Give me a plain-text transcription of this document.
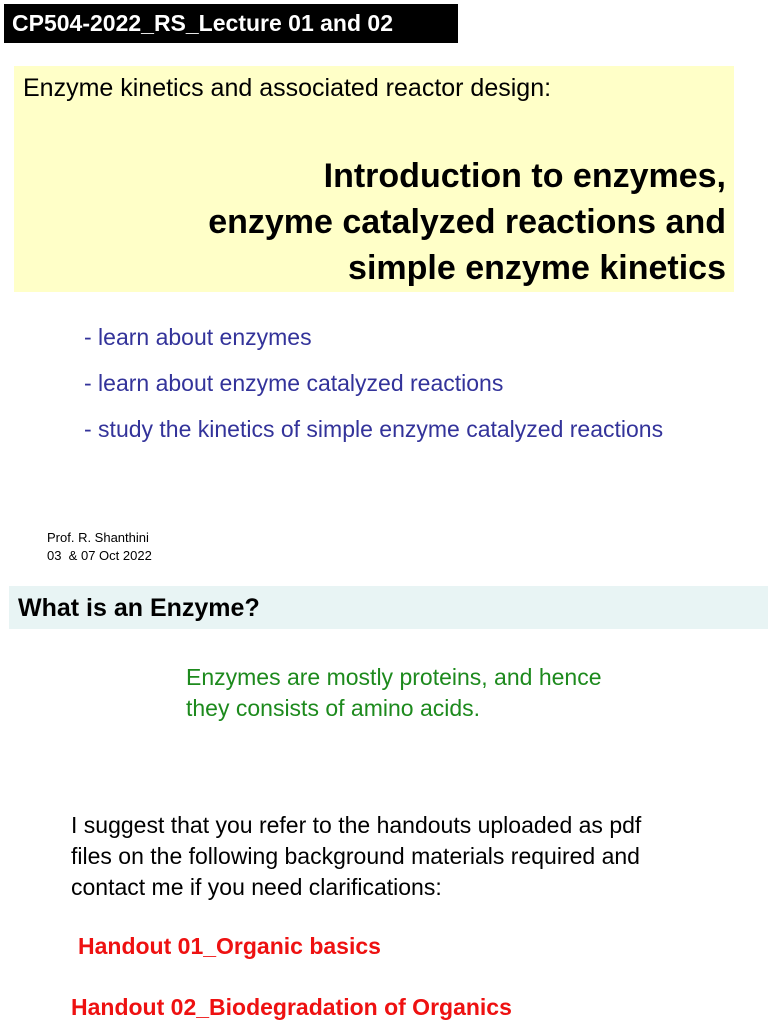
CP504-2022_RS_Lecture 01 and 02
Enzyme kinetics and associated reactor design:
Introduction to enzymes,
enzyme catalyzed reactions and
simple enzyme kinetics
- learn about enzymes
- learn about enzyme catalyzed reactions
- study the kinetics of simple enzyme catalyzed reactions
Prof. R. Shanthini
03  & 07 Oct 2022
What is an Enzyme?
Enzymes are mostly proteins, and hence
they consists of amino acids.
I suggest that you refer to the handouts uploaded as pdf
files on the following background materials required and
contact me if you need clarifications:
Handout 01_Organic basics
Handout 02_Biodegradation of Organics
